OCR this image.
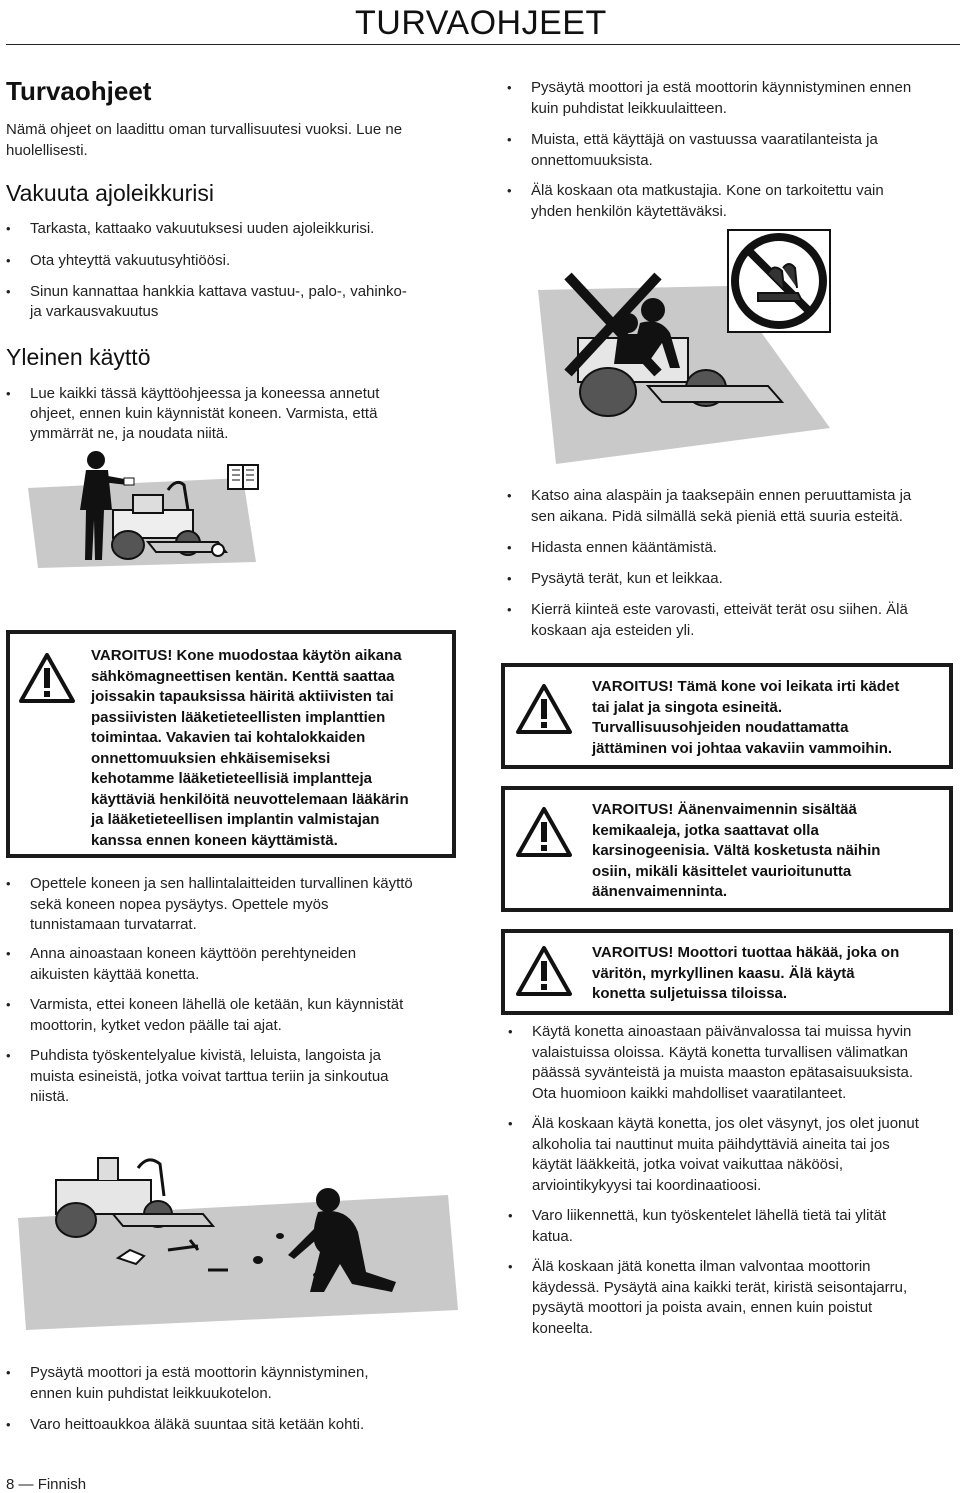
TURVAOHJEET
Turvaohjeet

Nämä ohjeet on laadittu oman turvallisuutesi vuoksi. Lue ne

huolellisesti.

Vakuuta ajoleikkurisi
• Tarkasta, kattaako vakuutuksesi uuden ajoleikkurisi.
• Ota yhteyttä vakuutusyhtiöösi.
• Sinun kannattaa hankkia kattava vastuu-, palo-, vahinko-
ja varkausvakuutus
Yleinen käyttö
• Lue kaikki tässä käyttöohjeessa ja koneessa annetut
ohjeet, ennen kuin käynnistät koneen. Varmista, että
ymmärrät ne, ja noudata niitä.
VAROITUS! Kone muodostaa käytön aikana
sähkömagneettisen kentän. Kenttä saattaa
joissakin tapauksissa häiritä aktiivisten tai
passiivisten lääketieteellisten implanttien
toimintaa. Vakavien tai kohtalokkaiden
onnettomuuksien ehkäisemiseksi
kehotamme lääketieteellisiä implantteja
käyttäviä henkilöitä neuvottelemaan lääkärin
ja lääketieteellisen implantin valmistajan
kanssa ennen koneen käyttämistä.
• Opettele koneen ja sen hallintalaitteiden turvallinen käyttö
sekä koneen nopea pysäytys. Opettele myös
tunnistamaan turvatarrat.
• Anna ainoastaan koneen käyttöön perehtyneiden
aikuisten käyttää konetta.
• Varmista, ettei koneen lähellä ole ketään, kun käynnistät
moottorin, kytket vedon päälle tai ajat.
• Puhdista työskentelyalue kivistä, leluista, langoista ja
muista esineistä, jotka voivat tarttua teriin ja sinkoutua
niistä.
• Pysäytä moottori ja estä moottorin käynnistyminen,
ennen kuin puhdistat leikkuukotelon.
• Varo heittoaukkoa äläkä suuntaa sitä ketään kohti.
• Pysäytä moottori ja estä moottorin käynnistyminen ennen
kuin puhdistat leikkuulaitteen.
• Muista, että käyttäjä on vastuussa vaaratilanteista ja
onnettomuuksista.
• Älä koskaan ota matkustajia. Kone on tarkoitettu vain
yhden henkilön käytettäväksi.
• Katso aina alaspäin ja taaksepäin ennen peruuttamista ja
sen aikana. Pidä silmällä sekä pieniä että suuria esteitä.
• Hidasta ennen kääntämistä.
• Pysäytä terät, kun et leikkaa.
• Kierrä kiinteä este varovasti, etteivät terät osu siihen. Älä
koskaan aja esteiden yli.
VAROITUS! Tämä kone voi leikata irti kädet
tai jalat ja singota esineitä.
Turvallisuusohjeiden noudattamatta
jättäminen voi johtaa vakaviin vammoihin.
VAROITUS! Äänenvaimennin sisältää
kemikaaleja, jotka saattavat olla
karsinogeenisia. Vältä kosketusta näihin
osiin, mikäli käsittelet vaurioitunutta
äänenvaimenninta.
VAROITUS! Moottori tuottaa häkää, joka on
väritön, myrkyllinen kaasu. Älä käytä
konetta suljetuissa tiloissa.
• Käytä konetta ainoastaan päivänvalossa tai muissa hyvin
valaistuissa oloissa. Käytä konetta turvallisen välimatkan
päässä syvänteistä ja muista maaston epätasaisuuksista.
Ota huomioon kaikki mahdolliset vaaratilanteet.
• Älä koskaan käytä konetta, jos olet väsynyt, jos olet juonut
alkoholia tai nauttinut muita päihdyttäviä aineita tai jos
käytät lääkkeitä, jotka voivat vaikuttaa näköösi,
arviointikykyysi tai koordinaatioosi.
• Varo liikennettä, kun työskentelet lähellä tietä tai ylität
katua.
• Älä koskaan jätä konetta ilman valvontaa moottorin
käydessä. Pysäytä aina kaikki terät, kiristä seisontajarru,
pysäytä moottori ja poista avain, ennen kuin poistut
koneelta.
8 — Finnish
